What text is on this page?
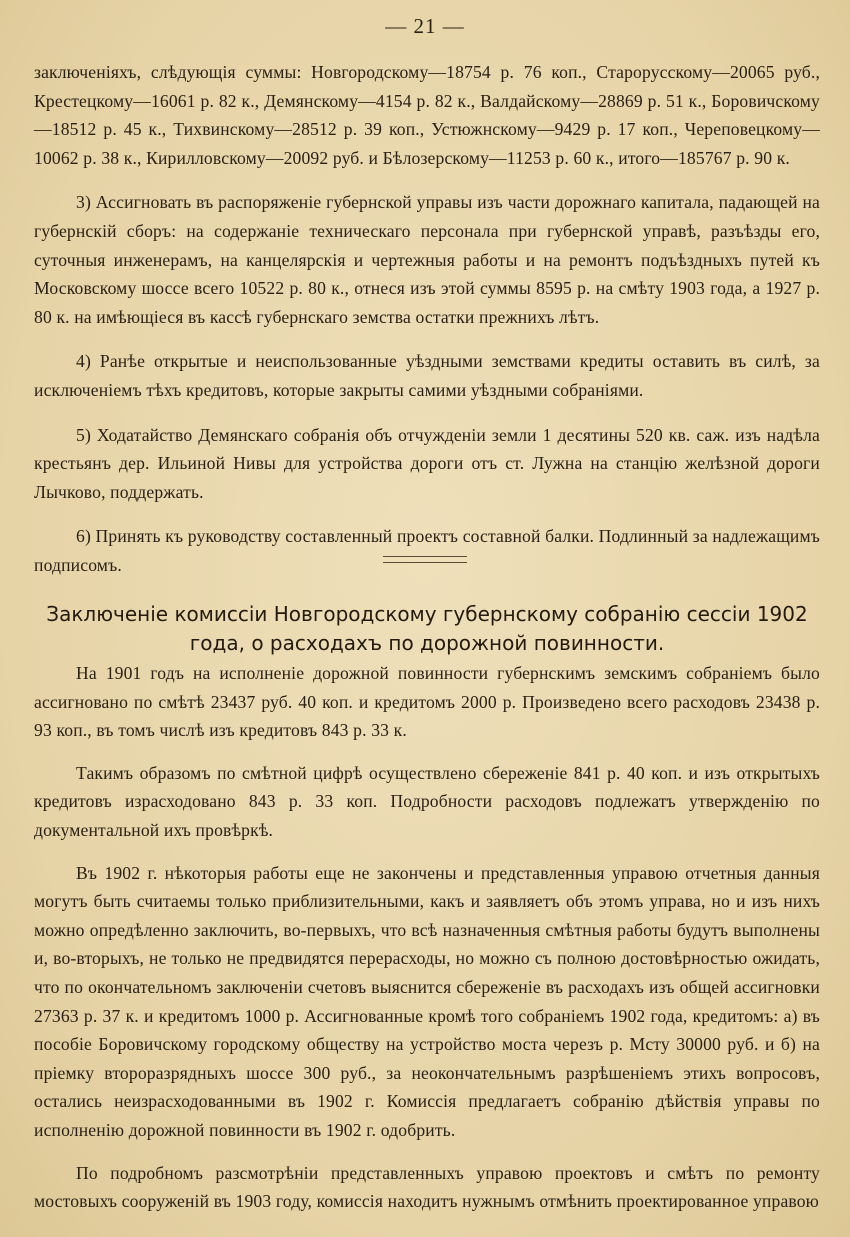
— 21 —

заключеніяхъ, слѣдующія суммы: Новгородскому—18754 р. 76 коп., Старорусскому—20065 руб., Крестецкому—16061 р. 82 к., Демянскому—4154 р. 82 к., Валдайскому—28869 р. 51 к., Боровичскому—18512 р. 45 к., Тихвинскому—28512 р. 39 коп., Устюжнскому—9429 р. 17 коп., Череповецкому—10062 р. 38 к., Кирилловскому—20092 руб. и Бѣлозерскому—11253 р. 60 к., итого—185767 р. 90 к.

3) Ассигновать въ распоряженіе губернской управы изъ части дорожнаго капитала, падающей на губернскій сборъ: на содержаніе техническаго персонала при губернской управѣ, разъѣзды его, суточныя инженерамъ, на канцелярскія и чертежныя работы и на ремонтъ подъѣздныхъ путей къ Московскому шоссе всего 10522 р. 80 к., отнеся изъ этой суммы 8595 р. на смѣту 1903 года, а 1927 р. 80 к. на имѣющіеся въ кассѣ губернскаго земства остатки прежнихъ лѣтъ.

4) Ранѣе открытые и неиспользованные уѣздными земствами кредиты оставить въ силѣ, за исключеніемъ тѣхъ кредитовъ, которые закрыты самими уѣздными собраніями.

5) Ходатайство Демянскаго собранія объ отчужденіи земли 1 десятины 520 кв. саж. изъ надѣла крестьянъ дер. Ильиной Нивы для устройства дороги отъ ст. Лужна на станцію желѣзной дороги Лычково, поддержать.

6) Принять къ руководству составленный проектъ составной балки. Подлинный за надлежащимъ подписомъ.

Заключеніе комиссіи Новгородскому губернскому собранію сессіи 1902 года, о расходахъ по дорожной повинности.

На 1901 годъ на исполненіе дорожной повинности губернскимъ земскимъ собраніемъ было ассигновано по смѣтѣ 23437 руб. 40 коп. и кредитомъ 2000 р. Произведено всего расходовъ 23438 р. 93 коп., въ томъ числѣ изъ кредитовъ 843 р. 33 к.

Такимъ образомъ по смѣтной цифрѣ осуществлено сбереженіе 841 р. 40 коп. и изъ открытыхъ кредитовъ израсходовано 843 р. 33 коп. Подробности расходовъ подлежатъ утвержденію по документальной ихъ провѣркѣ.

Въ 1902 г. нѣкоторыя работы еще не закончены и представленныя управою отчетныя данныя могутъ быть считаемы только приблизительными, какъ и заявляетъ объ этомъ управа, но и изъ нихъ можно опредѣленно заключить, во-первыхъ, что всѣ назначенныя смѣтныя работы будутъ выполнены и, во-вторыхъ, не только не предвидятся перерасходы, но можно съ полною достовѣрностью ожидать, что по окончательномъ заключеніи счетовъ выяснится сбереженіе въ расходахъ изъ общей ассигновки 27363 р. 37 к. и кредитомъ 1000 р. Ассигнованные кромѣ того собраніемъ 1902 года, кредитомъ: а) въ пособіе Боровичскому городскому обществу на устройство моста черезъ р. Мсту 30000 руб. и б) на пріемку второразрядныхъ шоссе 300 руб., за неокончательнымъ разрѣшеніемъ этихъ вопросовъ, остались неизрасходованными въ 1902 г. Комиссія предлагаетъ собранію дѣйствія управы по исполненію дорожной повинности въ 1902 г. одобрить.

По подробномъ разсмотрѣніи представленныхъ управою проектовъ и смѣтъ по ремонту мостовыхъ сооруженій въ 1903 году, комиссія находитъ нужнымъ отмѣнить проектированное управою
